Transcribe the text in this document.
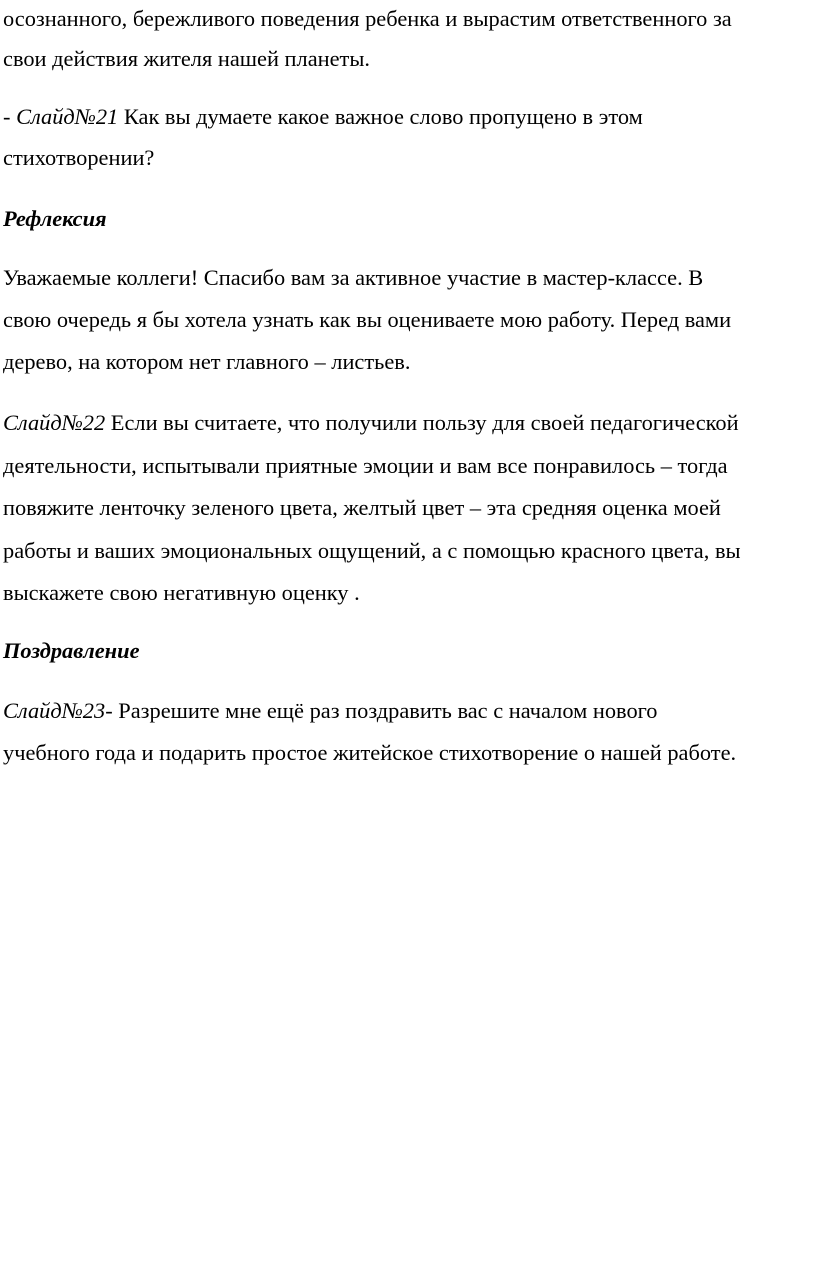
осознанного, бережливого поведения ребенка и вырастим ответственного за
свои действия жителя нашей планеты.
- Слайд№21 Как вы думаете какое важное слово пропущено в этом
стихотворении?
Рефлексия
Уважаемые коллеги! Спасибо вам за активное участие в мастер-классе. В
свою очередь я бы хотела узнать как вы оцениваете мою работу. Перед вами
дерево, на котором нет главного – листьев.
Слайд№22 Если вы считаете, что получили пользу для своей педагогической
деятельности, испытывали приятные эмоции и вам все понравилось – тогда
повяжите ленточку зеленого цвета, желтый цвет – эта средняя оценка моей
работы и ваших эмоциональных ощущений, а с помощью красного цвета, вы
выскажете свою негативную оценку .
Поздравление
Слайд№23- Разрешите мне ещё раз поздравить вас с началом нового
учебного года и подарить простое житейское стихотворение о нашей работе.
